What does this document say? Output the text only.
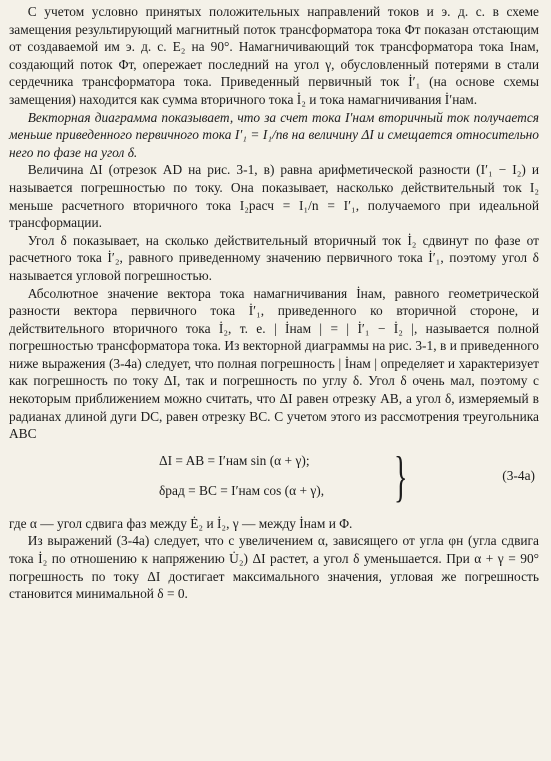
С учетом условно принятых положительных направлений токов и э. д. с. в схеме замещения результирующий магнитный поток трансформатора тока Φт показан отстающим от создаваемой им э. д. с. Е₂ на 90°. Намагничивающий ток трансформатора тока Iнам, создающий поток Φт, опережает последний на угол γ, обусловленный потерями в стали сердечника трансформатора тока. Приведенный первичный ток İ′₁ (на основе схемы замещения) находится как сумма вторичного тока İ₂ и тока намагничивания İ′нам.

Векторная диаграмма показывает, что за счет тока I′нам вторичный ток получается меньше приведенного первичного тока I′₁ = I₁/nв на величину ΔI и смещается относительно него по фазе на угол δ.

Величина ΔI (отрезок AD на рис. 3-1, в) равна арифметической разности (I′₁ − I₂) и называется погрешностью по току. Она показывает, насколько действительный ток I₂ меньше расчетного вторичного тока I₂расч = I₁/n = I′₁, получаемого при идеальной трансформации.

Угол δ показывает, на сколько действительный вторичный ток İ₂ сдвинут по фазе от расчетного тока İ′₂, равного приведенному значению первичного тока İ′₁, поэтому угол δ называется угловой погрешностью.

Абсолютное значение вектора тока намагничивания İнам, равного геометрической разности вектора первичного тока İ′₁, приведенного ко вторичной стороне, и действительного вторичного тока İ₂, т. е. | İнам | = | İ′₁ − İ₂ |, называется полной погрешностью трансформатора тока. Из векторной диаграммы на рис. 3-1, в и приведенного ниже выражения (3-4а) следует, что полная погрешность | İнам | определяет и характеризует как погрешность по току ΔI, так и погрешность по углу δ. Угол δ очень мал, поэтому с некоторым приближением можно считать, что ΔI равен отрезку AB, а угол δ, измеряемый в радианах длиной дуги DC, равен отрезку BC. С учетом этого из рассмотрения треугольника ABC

ΔI = AB = I′нам sin (α + γ);
δрад = BC = I′нам cos (α + γ), }	(3-4а)

где α — угол сдвига фаз между Ė₂ и İ₂, γ — между İнам и Φ.

Из выражений (3-4а) следует, что с увеличением α, зависящего от угла φн (угла сдвига тока İ₂ по отношению к напряжению U̇₂) ΔI растет, а угол δ уменьшается. При α + γ = 90° погрешность по току ΔI достигает максимального значения, угловая же погрешность становится минимальной δ = 0.
